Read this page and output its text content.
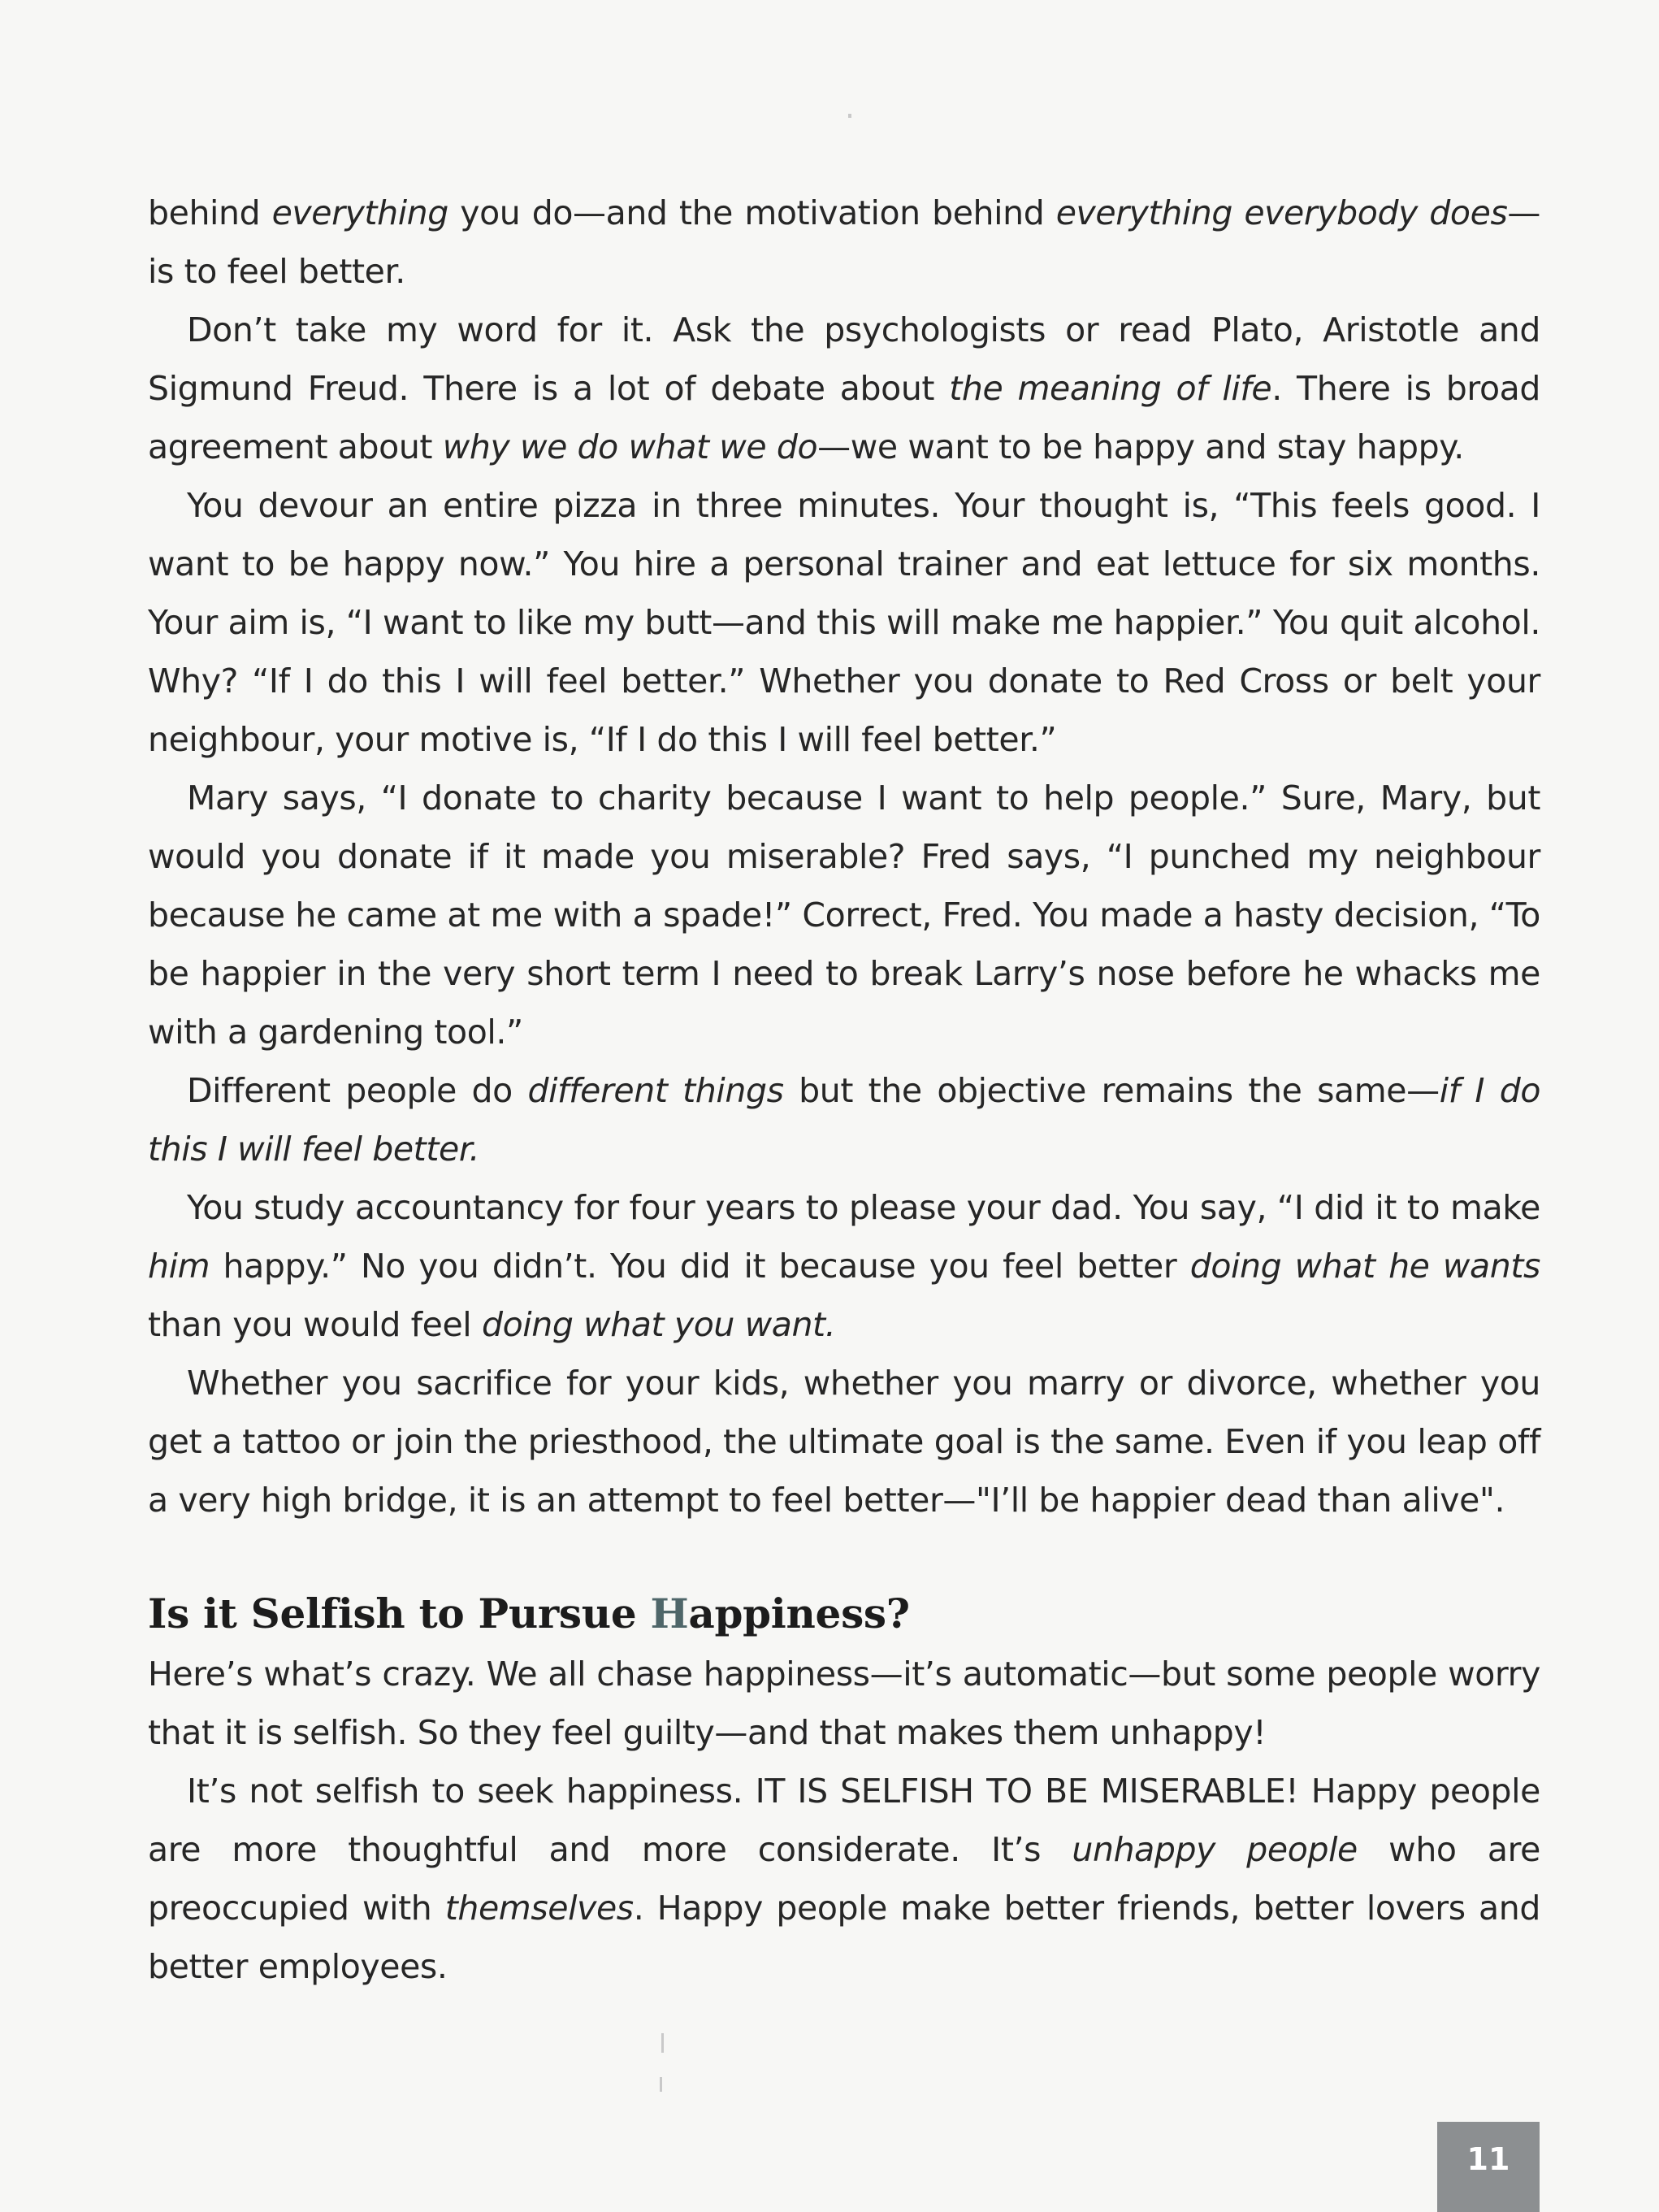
behind everything you do—and the motivation behind everything everybody does—is to feel better.

Don’t take my word for it. Ask the psychologists or read Plato, Aristotle and Sigmund Freud. There is a lot of debate about the meaning of life. There is broad agreement about why we do what we do—we want to be happy and stay happy.

You devour an entire pizza in three minutes. Your thought is, “This feels good. I want to be happy now.” You hire a personal trainer and eat lettuce for six months. Your aim is, “I want to like my butt—and this will make me happier.” You quit alcohol. Why? “If I do this I will feel better.” Whether you donate to Red Cross or belt your neighbour, your motive is, “If I do this I will feel better.”

Mary says, “I donate to charity because I want to help people.” Sure, Mary, but would you donate if it made you miserable? Fred says, “I punched my neighbour because he came at me with a spade!” Correct, Fred. You made a hasty decision, “To be happier in the very short term I need to break Larry’s nose before he whacks me with a gardening tool.”

Different people do different things but the objective remains the same—if I do this I will feel better.

You study accountancy for four years to please your dad. You say, “I did it to make him happy.” No you didn’t. You did it because you feel better doing what he wants than you would feel doing what you want.

Whether you sacrifice for your kids, whether you marry or divorce, whether you get a tattoo or join the priesthood, the ultimate goal is the same. Even if you leap off a very high bridge, it is an attempt to feel better—"I’ll be happier dead than alive".

Is it Selfish to Pursue Happiness?

Here’s what’s crazy. We all chase happiness—it’s automatic—but some people worry that it is selfish. So they feel guilty—and that makes them unhappy!

It’s not selfish to seek happiness. IT IS SELFISH TO BE MISERABLE! Happy people are more thoughtful and more considerate. It’s unhappy people who are preoccupied with themselves. Happy people make better friends, better lovers and better employees.

11
